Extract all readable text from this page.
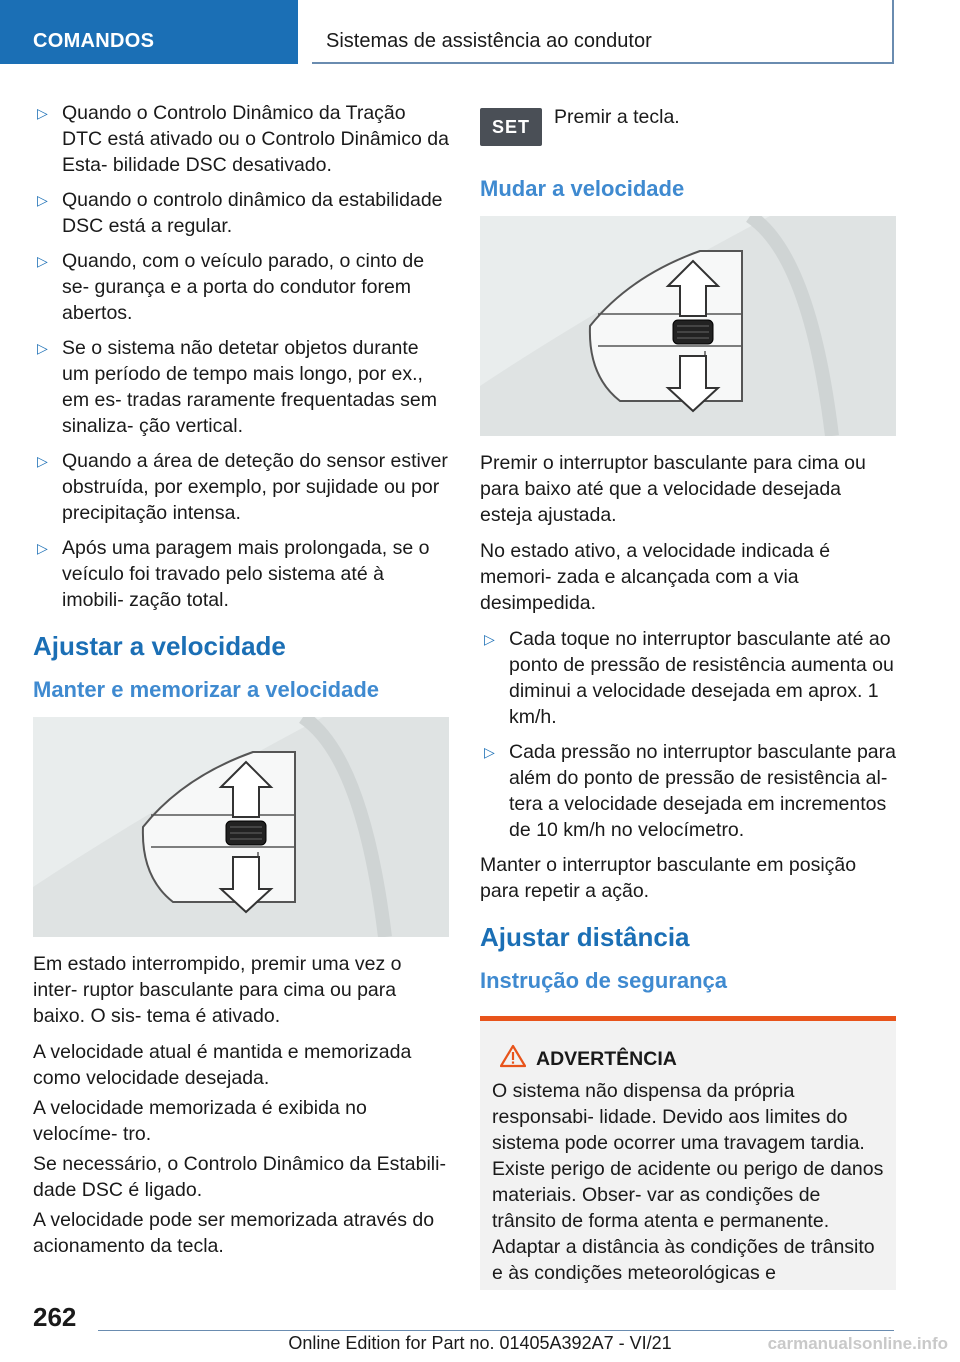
COMANDOS	Sistemas de assistência ao condutor
▷ Quando o Controlo Dinâmico da Tração DTC está ativado ou o Controlo Dinâmico da Esta- bilidade DSC desativado.
▷ Quando o controlo dinâmico da estabilidade DSC está a regular.
▷ Quando, com o veículo parado, o cinto de se- gurança e a porta do condutor forem abertos.
▷ Se o sistema não detetar objetos durante um período de tempo mais longo, por ex., em es- tradas raramente frequentadas sem sinaliza- ção vertical.
▷ Quando a área de deteção do sensor estiver obstruída, por exemplo, por sujidade ou por precipitação intensa.
▷ Após uma paragem mais prolongada, se o veículo foi travado pelo sistema até à imobili- zação total.
Ajustar a velocidade
Manter e memorizar a velocidade

Em estado interrompido, premir uma vez o inter- ruptor basculante para cima ou para baixo. O sis- tema é ativado.

A velocidade atual é mantida e memorizada como velocidade desejada.

A velocidade memorizada é exibida no velocíme- tro.

Se necessário, o Controlo Dinâmico da Estabili- dade DSC é ligado.

A velocidade pode ser memorizada através do acionamento da tecla.

SET	Premir a tecla.
Mudar a velocidade

Premir o interruptor basculante para cima ou para baixo até que a velocidade desejada esteja ajustada.

No estado ativo, a velocidade indicada é memori- zada e alcançada com a via desimpedida.

▷ Cada toque no interruptor basculante até ao ponto de pressão de resistência aumenta ou diminui a velocidade desejada em aprox. 1 km/h.
▷ Cada pressão no interruptor basculante para além do ponto de pressão de resistência al- tera a velocidade desejada em incrementos de 10 km/h no velocímetro.

Manter o interruptor basculante em posição para repetir a ação.

Ajustar distância
Instrução de segurança
ADVERTÊNCIA
O sistema não dispensa da própria responsabi- lidade. Devido aos limites do sistema pode ocorrer uma travagem tardia. Existe perigo de acidente ou perigo de danos materiais. Obser- var as condições de trânsito de forma atenta e permanente. Adaptar a distância às condições de trânsito e às condições meteorológicas e
262
Online Edition for Part no. 01405A392A7 - VI/21	carmanualsonline.info
